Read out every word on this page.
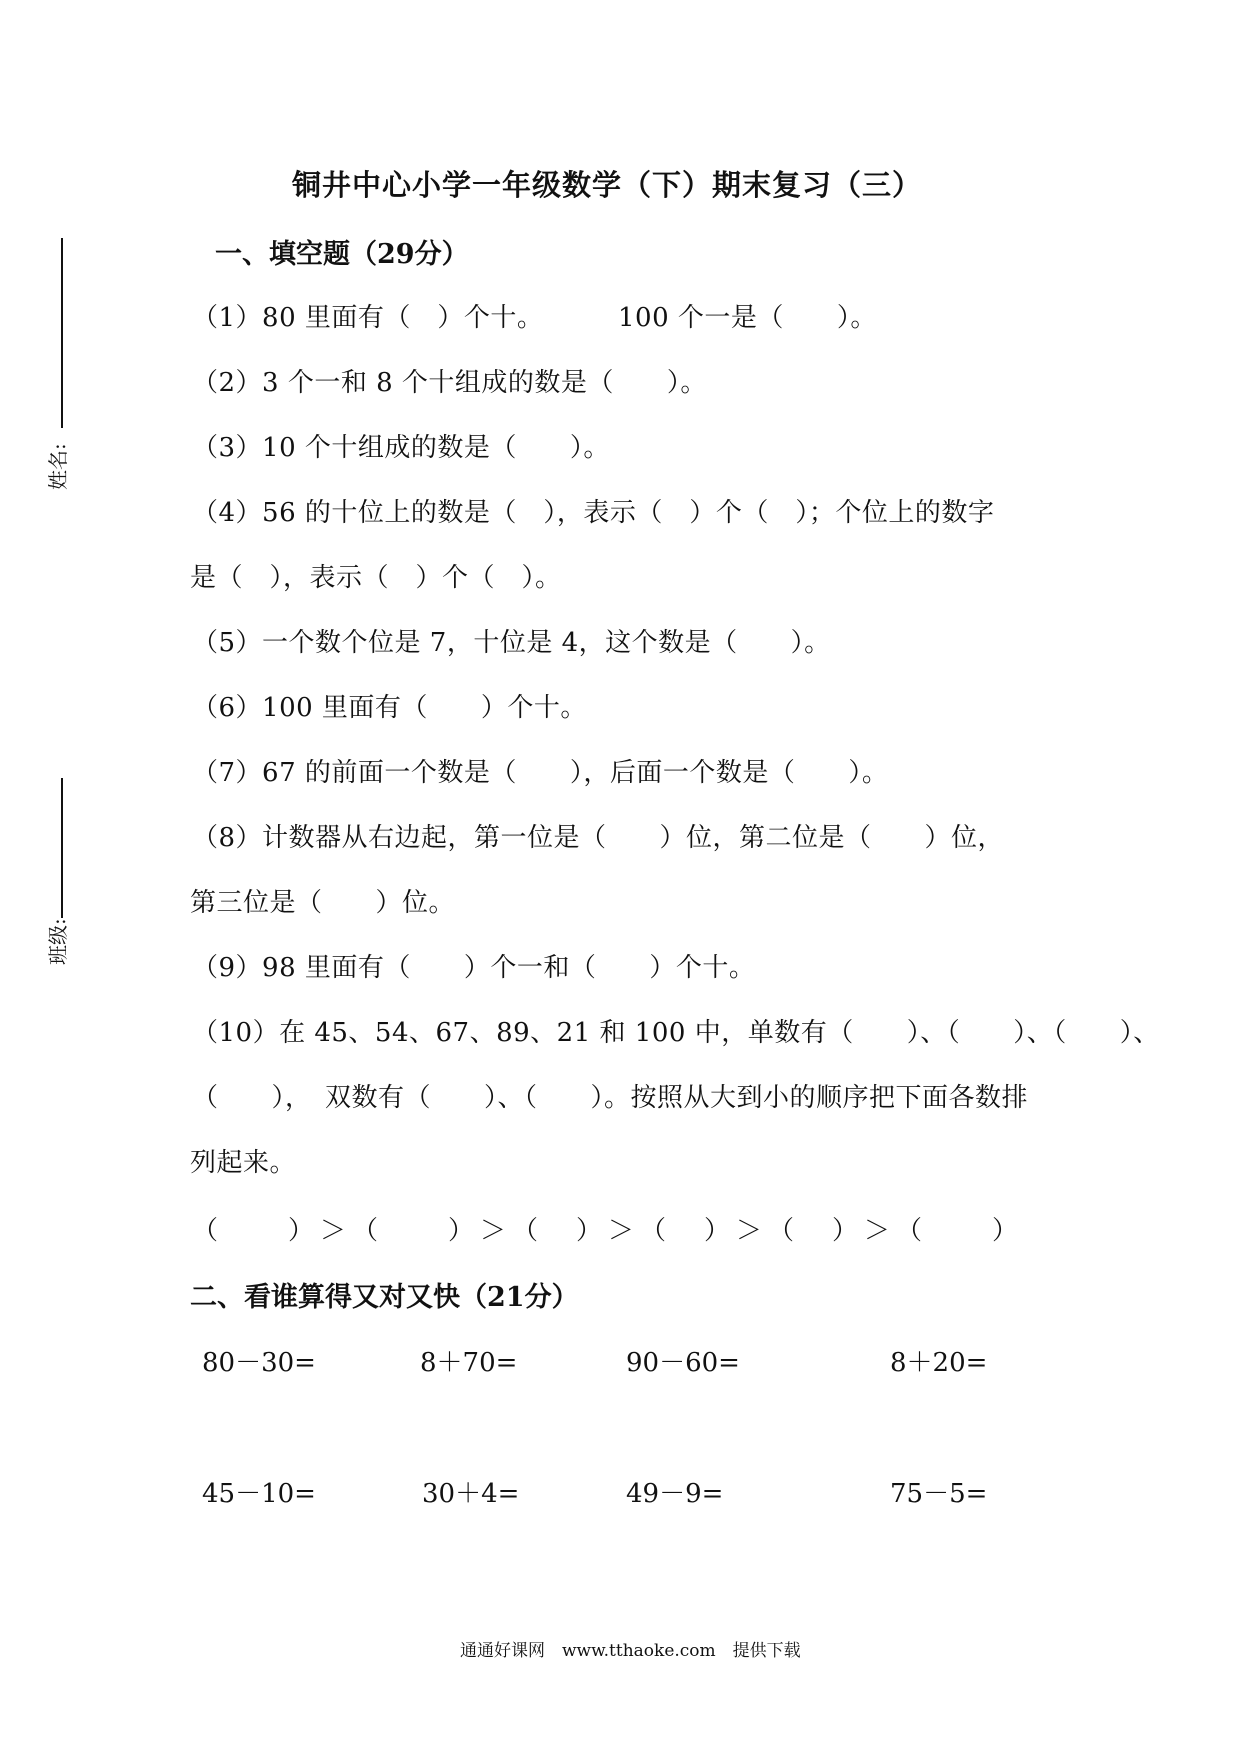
姓名:
班级:
铜井中心小学一年级数学（下）期末复习（三）
一、填空题（29分）
（1）80 里面有（　）个十。	100 个一是（　　）。
（2）3 个一和 8 个十组成的数是（　　）。
（3）10 个十组成的数是（　　）。
（4）56 的十位上的数是（　），表示（　）个（　）；个位上的数字
是（　），表示（　）个（　）。
（5）一个数个位是 7，十位是 4，这个数是（　　）。
（6）100 里面有（　　）个十。
（7）67 的前面一个数是（　　），后面一个数是（　　）。
（8）计数器从右边起，第一位是（　　）位，第二位是（　　）位，
第三位是（　　）位。
（9）98 里面有（　　）个一和（　　）个十。
（10）在 45、54、67、89、21 和 100 中，单数有（　　）、（　　）、（　　）、
（　　），　双数有（　　）、（　　）。按照从大到小的顺序把下面各数排
列起来。
（　　）＞（　　）＞（　）＞（　）＞（　）＞（　　）
二、看谁算得又对又快（21分）
80－30=	8＋70=	90－60=	8＋20=
45－10=	30＋4=	49－9=	75－5=
通通好课网　www.tthaoke.com　提供下载
